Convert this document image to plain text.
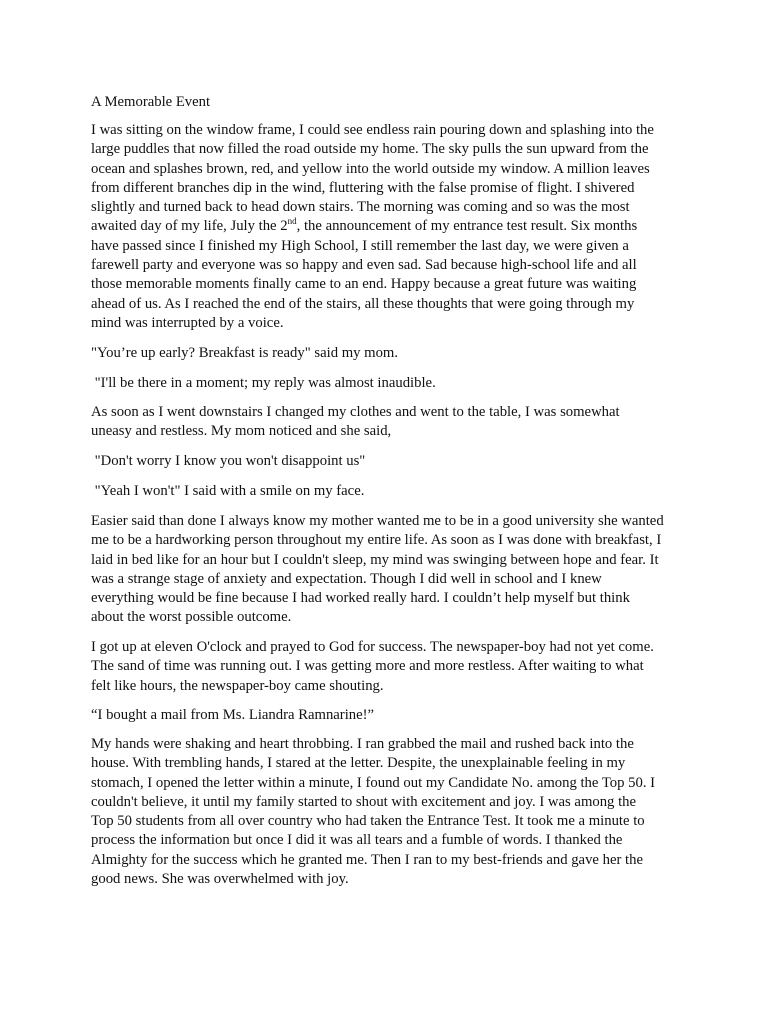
A Memorable Event

I was sitting on the window frame, I could see endless rain pouring down and splashing into the
large puddles that now filled the road outside my home. The sky pulls the sun upward from the
ocean and splashes brown, red, and yellow into the world outside my window. A million leaves
from different branches dip in the wind, fluttering with the false promise of flight. I shivered
slightly and turned back to head down stairs. The morning was coming and so was the most
awaited day of my life, July the 2nd, the announcement of my entrance test result. Six months
have passed since I finished my High School, I still remember the last day, we were given a
farewell party and everyone was so happy and even sad. Sad because high-school life and all
those memorable moments finally came to an end. Happy because a great future was waiting
ahead of us. As I reached the end of the stairs, all these thoughts that were going through my
mind was interrupted by a voice.

"You’re up early? Breakfast is ready" said my mom.

"I'll be there in a moment; my reply was almost inaudible.

As soon as I went downstairs I changed my clothes and went to the table, I was somewhat
uneasy and restless. My mom noticed and she said,

"Don't worry I know you won't disappoint us"

"Yeah I won't" I said with a smile on my face.

Easier said than done I always know my mother wanted me to be in a good university she wanted
me to be a hardworking person throughout my entire life. As soon as I was done with breakfast, I
laid in bed like for an hour but I couldn't sleep, my mind was swinging between hope and fear. It
was a strange stage of anxiety and expectation. Though I did well in school and I knew
everything would be fine because I had worked really hard. I couldn’t help myself but think
about the worst possible outcome.

I got up at eleven O'clock and prayed to God for success. The newspaper-boy had not yet come.
The sand of time was running out. I was getting more and more restless. After waiting to what
felt like hours, the newspaper-boy came shouting.

“I bought a mail from Ms. Liandra Ramnarine!”

My hands were shaking and heart throbbing. I ran grabbed the mail and rushed back into the
house. With trembling hands, I stared at the letter. Despite, the unexplainable feeling in my
stomach, I opened the letter within a minute, I found out my Candidate No. among the Top 50. I
couldn't believe, it until my family started to shout with excitement and joy. I was among the
Top 50 students from all over country who had taken the Entrance Test. It took me a minute to
process the information but once I did it was all tears and a fumble of words. I thanked the
Almighty for the success which he granted me. Then I ran to my best-friends and gave her the
good news. She was overwhelmed with joy.
